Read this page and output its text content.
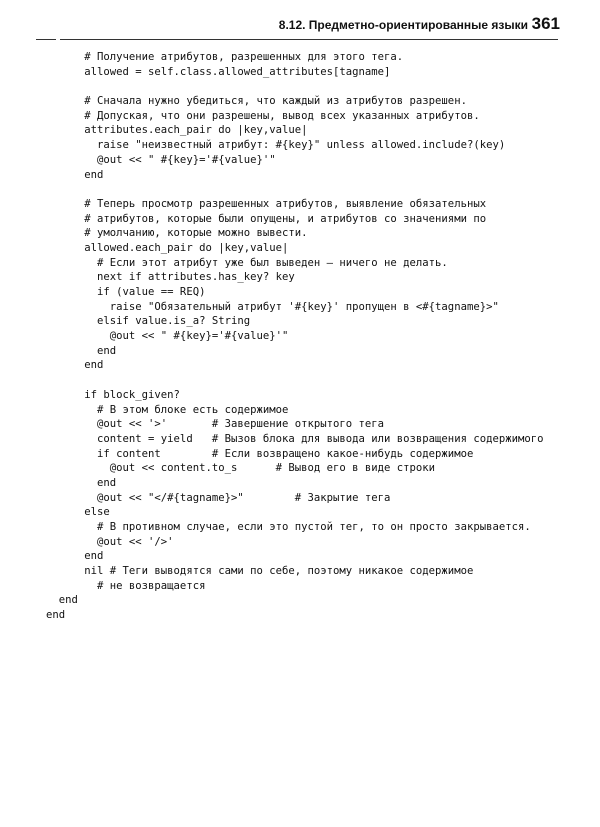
8.12. Предметно-ориентированные языки 361
# Получение атрибутов, разрешенных для этого тега.
allowed = self.class.allowed_attributes[tagname]

# Сначала нужно убедиться, что каждый из атрибутов разрешен.
# Допуская, что они разрешены, вывод всех указанных атрибутов.
attributes.each_pair do |key,value|
raise "неизвестный атрибут: #{key}" unless allowed.include?(key)
@out << " #{key}='#{value}'"
end

# Теперь просмотр разрешенных атрибутов, выявление обязательных
# атрибутов, которые были опущены, и атрибутов со значениями по
# умолчанию, которые можно вывести.
allowed.each_pair do |key,value|
# Если этот атрибут уже был выведен — ничего не делать.
next if attributes.has_key? key
if (value == REQ)
raise "Обязательный атрибут '#{key}' пропущен в <#{tagname}>"
elsif value.is_a? String
@out << " #{key}='#{value}'"
end
end

if block_given?
# В этом блоке есть содержимое
@out << '>'       # Завершение открытого тега
content = yield   # Вызов блока для вывода или возвращения содержимого
if content        # Если возвращено какое-нибудь содержимое
@out << content.to_s      # Вывод его в виде строки
end
@out << "</#{tagname}>"        # Закрытие тега
else
# В противном случае, если это пустой тег, то он просто закрывается.
@out << '/>'
end
nil # Теги выводятся сами по себе, поэтому никакое содержимое
# не возвращается
end
end
